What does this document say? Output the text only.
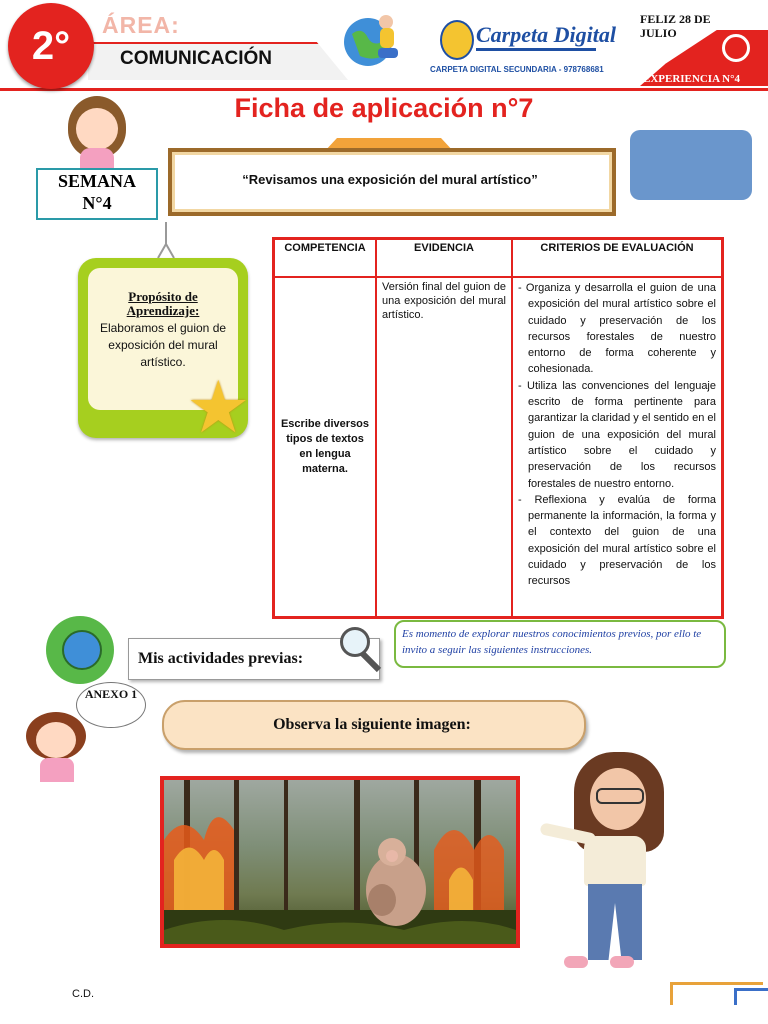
2°	ÁREA:
COMUNICACIÓN
Carpeta Digital
CARPETA DIGITAL SECUNDARIA - 978768681
FELIZ 28 DE JULIO
EXPERIENCIA N°4
Ficha de aplicación n°7
SEMANA
N°4
“Revisamos una exposición del mural artístico”
Propósito de Aprendizaje:
Elaboramos el guion de exposición del mural artístico.
★
COMPETENCIA	EVIDENCIA	CRITERIOS DE EVALUACIÓN
Escribe diversos tipos de textos en lengua materna.	Versión final del guion de una exposición del mural artístico.	- Organiza y desarrolla el guion de una exposición del mural artístico sobre el cuidado y preservación de los recursos forestales de nuestro entorno de forma coherente y cohesionada.
- Utiliza las convenciones del lenguaje escrito de forma pertinente para garantizar la claridad y el sentido en el guion de una exposición del mural artístico sobre el cuidado y preservación de los recursos forestales de nuestro entorno.
- Reflexiona y evalúa de forma permanente la información, la forma y el contexto del guion de una exposición del mural artístico sobre el cuidado y preservación de los recursos
Mis actividades previas:
Es momento de explorar nuestros conocimientos previos, por ello te invito a seguir las siguientes instrucciones.
ANEXO 1
Observa la siguiente imagen:
C.D.
